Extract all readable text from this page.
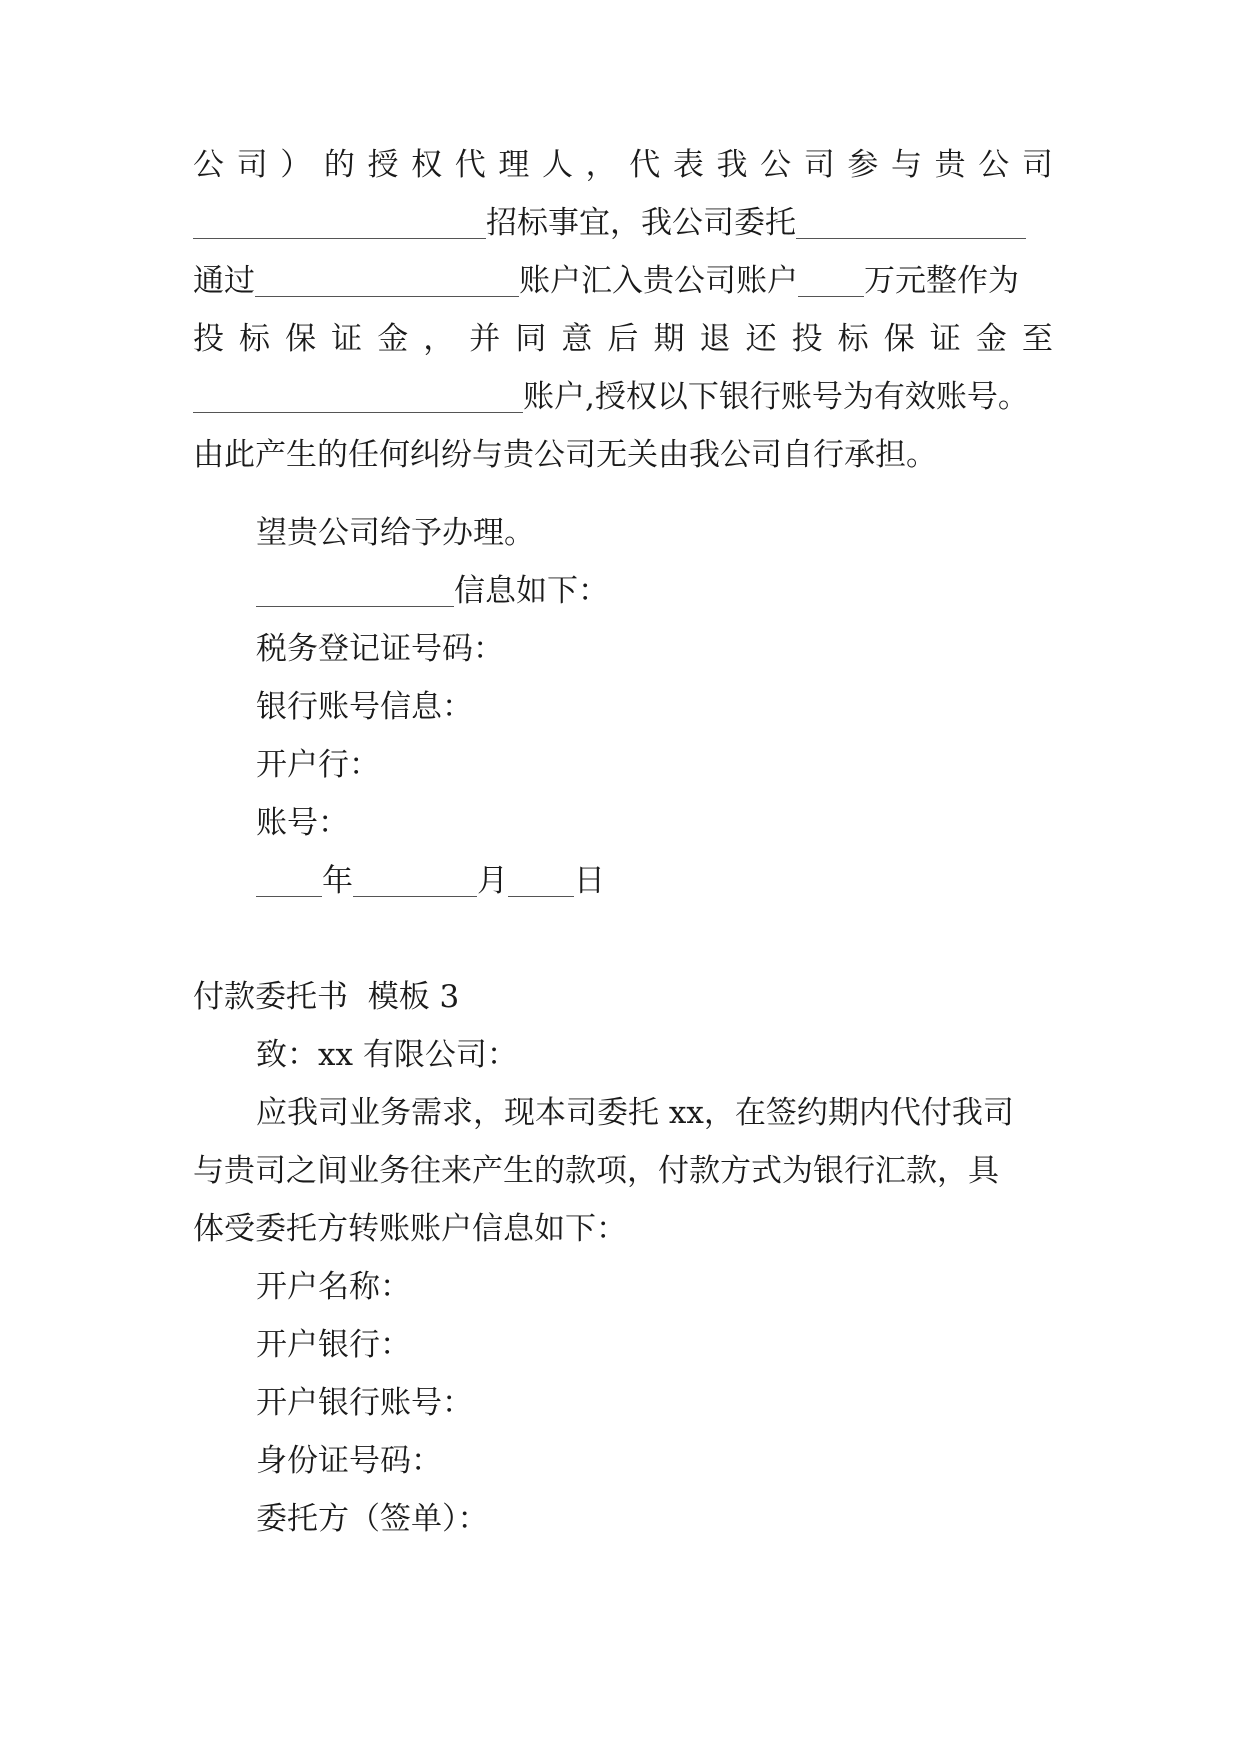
公 司 ） 的 授 权 代 理 人 ， 代 表 我 公 司 参 与 贵 公 司
招标事宜，我公司委托
通过	账户汇入贵公司账户 万元整作为
投 标 保 证 金 ， 并 同 意 后 期 退 还 投 标 保 证 金 至
账户,授权以下银行账号为有效账号。
由此产生的任何纠纷与贵公司无关由我公司自行承担。
望贵公司给予办理。
信息如下：
税务登记证号码：
银行账号信息：
开户行：
账号：
年	月 日
付款委托书  模板 3
致：xx 有限公司：
应我司业务需求，现本司委托 xx，在签约期内代付我司
与贵司之间业务往来产生的款项，付款方式为银行汇款，具
体受委托方转账账户信息如下：
开户名称：
开户银行：
开户银行账号：
身份证号码：
委托方（签单）：
